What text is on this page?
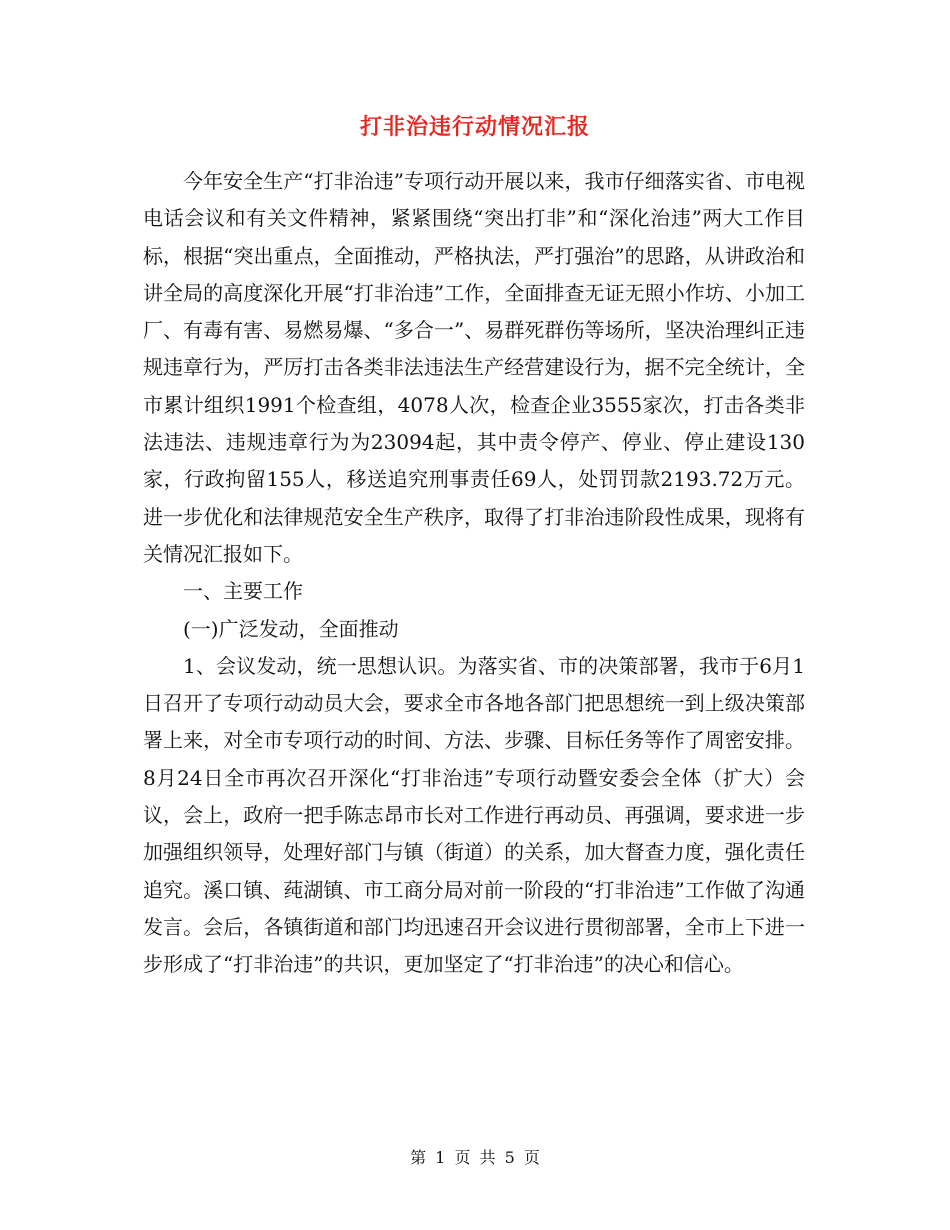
打非治违行动情况汇报

今年安全生产“打非治违”专项行动开展以来，我市仔细落实省、市电视电话会议和有关文件精神，紧紧围绕“突出打非”和“深化治违”两大工作目标，根据“突出重点，全面推动，严格执法，严打强治”的思路，从讲政治和讲全局的高度深化开展“打非治违”工作，全面排查无证无照小作坊、小加工厂、有毒有害、易燃易爆、“多合一”、易群死群伤等场所，坚决治理纠正违规违章行为，严厉打击各类非法违法生产经营建设行为，据不完全统计，全市累计组织1991个检查组，4078人次，检查企业3555家次，打击各类非法违法、违规违章行为为23094起，其中责令停产、停业、停止建设130家，行政拘留155人，移送追究刑事责任69人，处罚罚款2193.72万元。进一步优化和法律规范安全生产秩序，取得了打非治违阶段性成果，现将有关情况汇报如下。

一、主要工作

(一)广泛发动，全面推动

1、会议发动，统一思想认识。为落实省、市的决策部署，我市于6月1日召开了专项行动动员大会，要求全市各地各部门把思想统一到上级决策部署上来，对全市专项行动的时间、方法、步骤、目标任务等作了周密安排。8月24日全市再次召开深化“打非治违”专项行动暨安委会全体（扩大）会议，会上，政府一把手陈志昂市长对工作进行再动员、再强调，要求进一步加强组织领导，处理好部门与镇（街道）的关系，加大督查力度，强化责任追究。溪口镇、莼湖镇、市工商分局对前一阶段的“打非治违”工作做了沟通发言。会后，各镇街道和部门均迅速召开会议进行贯彻部署，全市上下进一步形成了“打非治违”的共识，更加坚定了“打非治违”的决心和信心。

第 1 页 共 5 页
